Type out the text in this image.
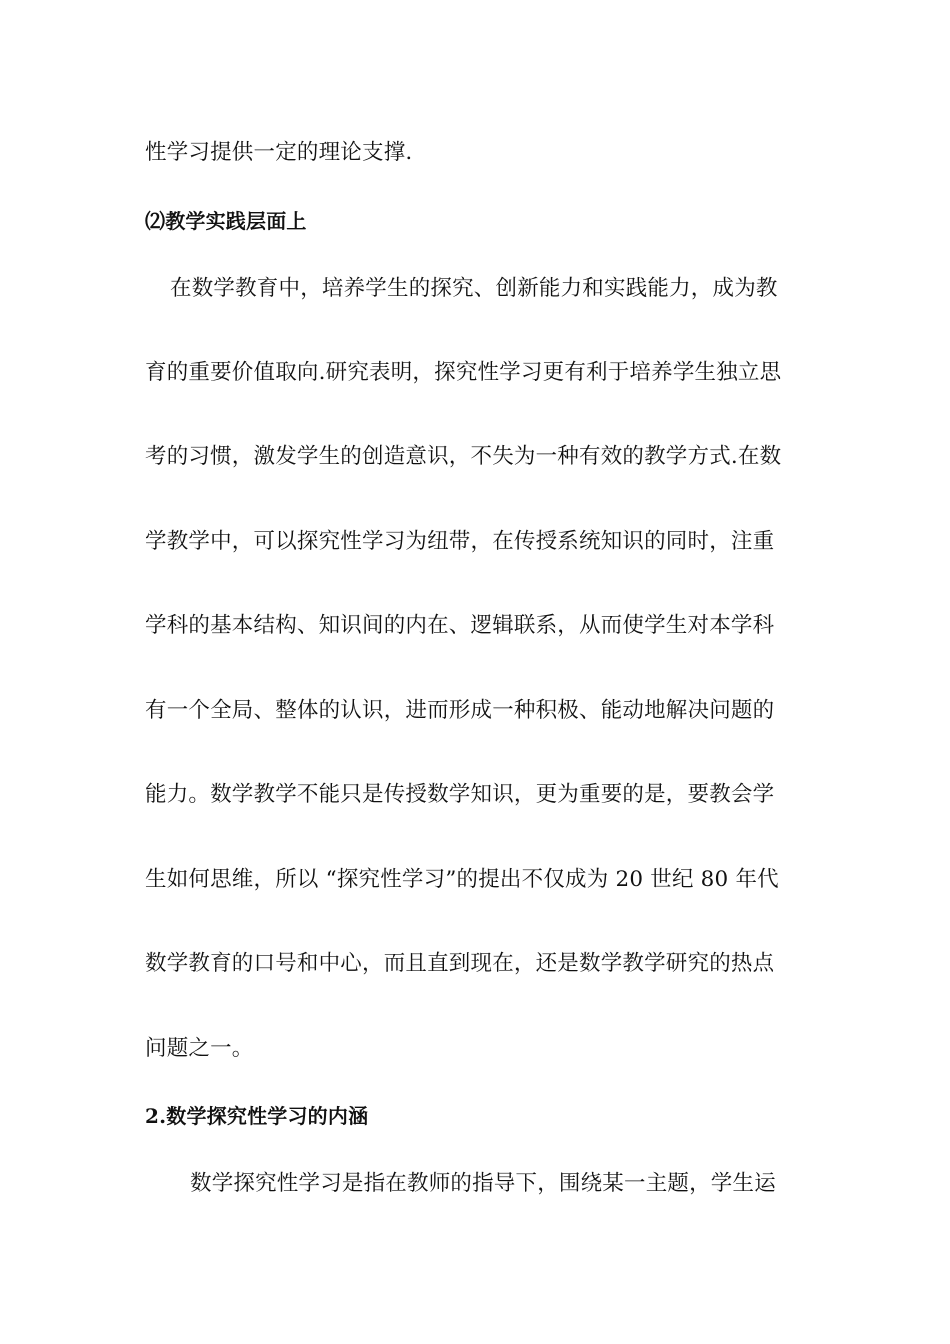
性学习提供一定的理论支撑.
⑵教学实践层面上
在数学教育中，培养学生的探究、创新能力和实践能力，成为教
育的重要价值取向.研究表明，探究性学习更有利于培养学生独立思
考的习惯，激发学生的创造意识，不失为一种有效的教学方式.在数
学教学中，可以探究性学习为纽带，在传授系统知识的同时，注重
学科的基本结构、知识间的内在、逻辑联系，从而使学生对本学科
有一个全局、整体的认识，进而形成一种积极、能动地解决问题的
能力。数学教学不能只是传授数学知识，更为重要的是，要教会学
生如何思维，所以 “探究性学习”的提出不仅成为 20 世纪 80 年代
数学教育的口号和中心，而且直到现在，还是数学教学研究的热点
问题之一。
2.数学探究性学习的内涵
数学探究性学习是指在教师的指导下，围绕某一主题，学生运
